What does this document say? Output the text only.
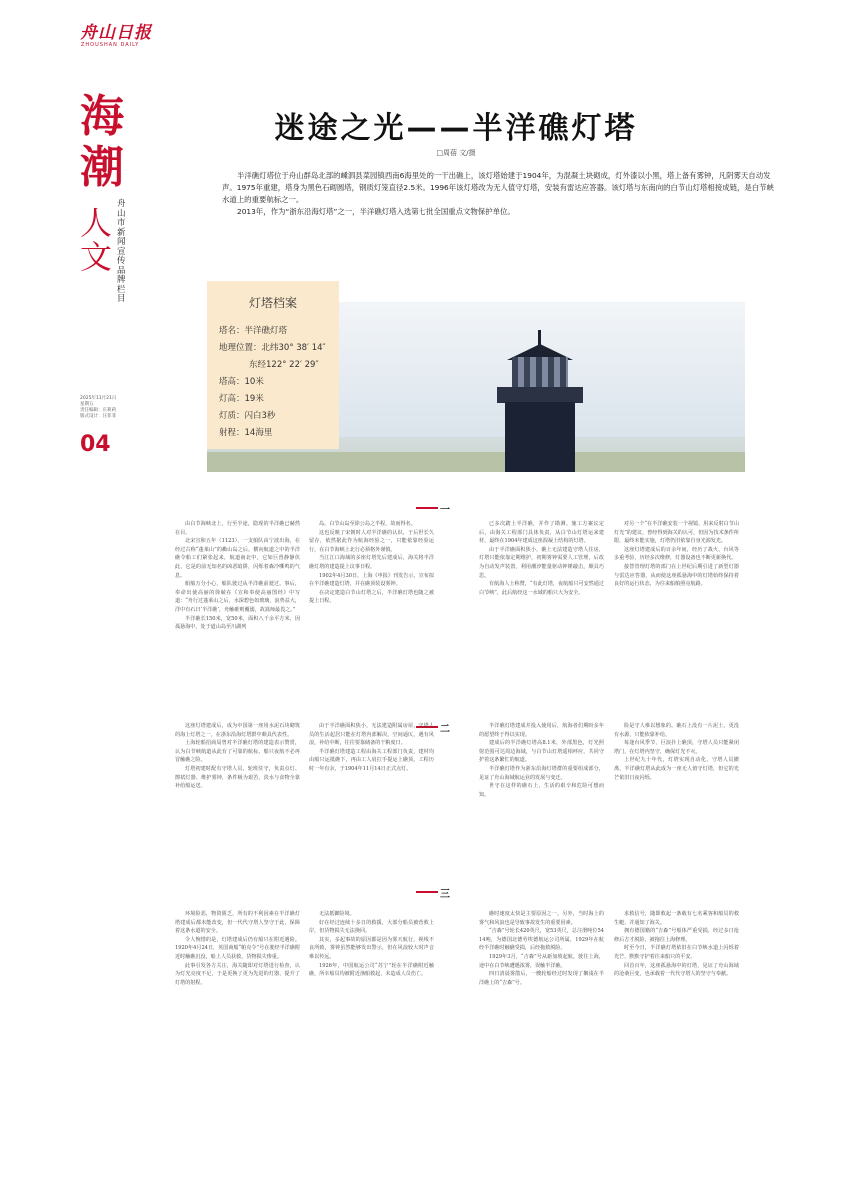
舟山日报
ZHOUSHAN DAILY
海
潮
人文
舟山市新闻宣传品牌栏目
2025年11月21日
星期五
责任编辑：庄莉莉
版式设计：汪菲菲
04
迷途之光——半洋礁灯塔
□周蓓 文/摄

半洋礁灯塔位于舟山群岛北部的嵊泗县菜园镇西南6海里处的一干出礁上，该灯塔始建于1904年，为混凝土块砌成，灯外漆以小黑，塔上备有雾钟，凡阴雾天自动发声。1975年重建，塔身为黑色石砌圆塔，钢质灯笼直径2.5米。1996年该灯塔改为无人值守灯塔，安装有雷达应答器。该灯塔与东南向的白节山灯塔相接成链，是白节峡水道上的重要航标之一。

2013年，作为“浙东沿海灯塔”之一，半洋礁灯塔入选第七批全国重点文物保护单位。

灯塔档案
塔名：半洋礁灯塔
地理位置：北纬30° 38′ 14″
东经122° 22′ 29″
塔高：10米
灯高：19米
灯质：闪白3秒
射程：14海里
一
二
三

由白节海峡北上，行至半途，隐现的半洋礁已赫然在目。

北宋宣和五年（1123），一支船队由宁波出海，在经过古称“蓬莱山”的衢山岛之后，横向航道之中的半洋礁令船工们紧张起来，航道南北中，它如巨兽静静伏此，它是的前无知名的凶恶暗阱，闪烁着森冷嘶鸣的气息。

船舶万分小心，船队驶过从半洋礁前驶过。事后，奉命出使高丽的徐兢在《宣和奉使高丽图经》中写道：“舟行过蓬莱山之后，水深碧色如玻璃，浪势益大，洋中有石曰‘半洋礁’，舟触碓则覆溺，故篙师最畏之。”

半洋礁长150米，宽50米，面积八千余平方米，因孤悬海中，处于道山岛至川湖列

岛，白节山岛至徐公岛之半程，故而得名。

这也反映了宋朝时人对半洋礁的认识，于后世长久留存，依然据此作为航海经验之一，只能依靠经验运行，在白节海峡上北行必须格外谨慎。

当江江口海域的多座灯塔先后建成后，海关将半洋礁灯塔的建造提上议事日程。

1902年4月30日，上海《申报》刊发告示，宣布拟在半洋礁建造灯塔，并在礁顶装设雾钟。

在决定建造白节山灯塔之后，半洋礁灯塔也随之被提上日程。

已多次踏上半洋礁，并作了勘测。施工方案议定后，由海关工程部门具体负责，从白节山灯塔运来建材，最终在1904年建成这座混凝土结构的灯塔。

由于半洋礁面积狭小，礁上无法建造守塔人住房，灯塔只能依靠定期维护，初期雾钟需要人工管理，后改为自动发声装置，利用潮汐能量驱动钟锤敲击，颇具巧思。

有航海人士称赞，“有此灯塔，夜航船只可安然通过白节峡”，此后航经这一水域的船只大为安全。

对另一个“在半洋礁安装一个视镜，用来反射白节山灯光”的建议，曾经得到海关的认可，但因为技术条件所限，最终未能实施，灯塔仍旧依靠自身光源发光。

这座灯塔建成后的百余年间，经历了战火、台风等多重考验，历经多次维修，灯器设备也不断更新换代。

接替管理灯塔的部门在上世纪后期引进了新型灯器与雷达应答器，从而使这座孤悬海中的灯塔始终保持着良好的运行状态，为往来船舶照亮航路。

这座灯塔建成后，成为中国第一座用水泥石块砌筑的海上灯塔之一，在浙东沿海灯塔群中颇具代表性。

上海轮船招商局曾对半洋礁灯塔的建造表示赞赏，认为白节峡航道从此有了可靠的航标，船只夜航不必再冒触礁之险。

灯塔初建时配有守塔人员，轮班驻守，负责点灯、擦拭灯器、维护雾钟，条件极为艰苦，淡水与食物全靠补给船运送。

由于半洋礁面积狭小，无法建造附属房屋，守塔人员的生活起居只能在灯塔内部解决，空间逼仄，遇有风浪，补给中断，往往要靠储备的干粮度日。

半洋礁灯塔建造工程由海关工程部门负责，建材均由船只运抵礁下，再由工人肩扛手提运上礁顶。工程历时一年有余，于1904年11月14日正式点灯。

半洋礁灯塔建成并投入使用后，航海者们期盼多年的愿望终于得以实现。

建成后的半洋礁灯塔高8.1米，外部黑色，灯光照射范围可达周边海域，与白节山灯塔遥相呼应，共同守护着这条繁忙的航道。

半洋礁灯塔作为浙东沿海灯塔群的重要组成部分，见证了舟山海域航运业的发展与变迁。

世守在这样的礁石上，生活的艰辛和危险可想而知。

险是守人难以想象的。礁石上没有一片泥土，更没有水源，只能依靠补给。

每逢台风季节，巨浪扑上礁顶，守塔人员只能紧闭塔门，在灯塔内坚守，确保灯光不灭。

上世纪九十年代，灯塔实现自动化，守塔人员撤离，半洋礁灯塔从此成为一座无人值守灯塔，但它的光芒依旧日夜闪烁。

环境险恶，物资匮乏，所有的不利因素在半洋礁灯塔建成后都未能改变，但一代代守塔人坚守于此，保障着这条水道的安全。

令人惋惜的是，灯塔建成后仍有船只在附近遇险。1920年4月24日，英国商船“帕克令”号在驶经半洋礁附近时触礁沉没，船上人员获救，货物损失惨重。

此事引发各方关注，海关随即对灯塔进行检查，认为灯光亮度不足，于是更换了更为先进的灯器，提升了灯塔的射程。

无法抵御险境。

好在经过连续十多日的救援，大部分船员被营救上岸，但货物损失无法挽回。

其实，多起事故的原因都是因为雾天航行，视线不良所致，雾钟虽然能够发出警示，但在风浪较大时声音难以传远。

1926年，中国航运公司“苏宁”轮在半洋礁附近触礁，所幸船员均被附近渔船救起，未造成人员伤亡。

礁时速度太快是主要原因之一。另外，当时海上的雾气和风浪也是导致事故发生的重要因素。

“吉森”号轮长420英尺，宽53英尺，总注册吨位5414吨，为德国北德劳埃德航运公司所属，1929年在航经半洋礁时触礁受损，后经拖救脱险。

1929年3月，“吉森”号从新加坡起航，驶往上海，途中在白节峡遭遇浓雾，误触半洋礁。

四日清晨雾散后，一艘轮船经过时发现了搁浅在半洋礁上的“吉森”号。

求救信号，随即救起一条载有七名乘客和船员的救生艇，并通知了海关。

拥有德国籍的“吉森”号船体严重受损，经过多日抢修后方才脱险，被拖往上海修理。

时至今日，半洋礁灯塔依旧在白节峡水道上闪烁着光芒，默默守护着往来船只的平安。

回首百年，这座孤悬海中的灯塔，见证了舟山海域的沧桑巨变，也承载着一代代守塔人的坚守与奉献。
